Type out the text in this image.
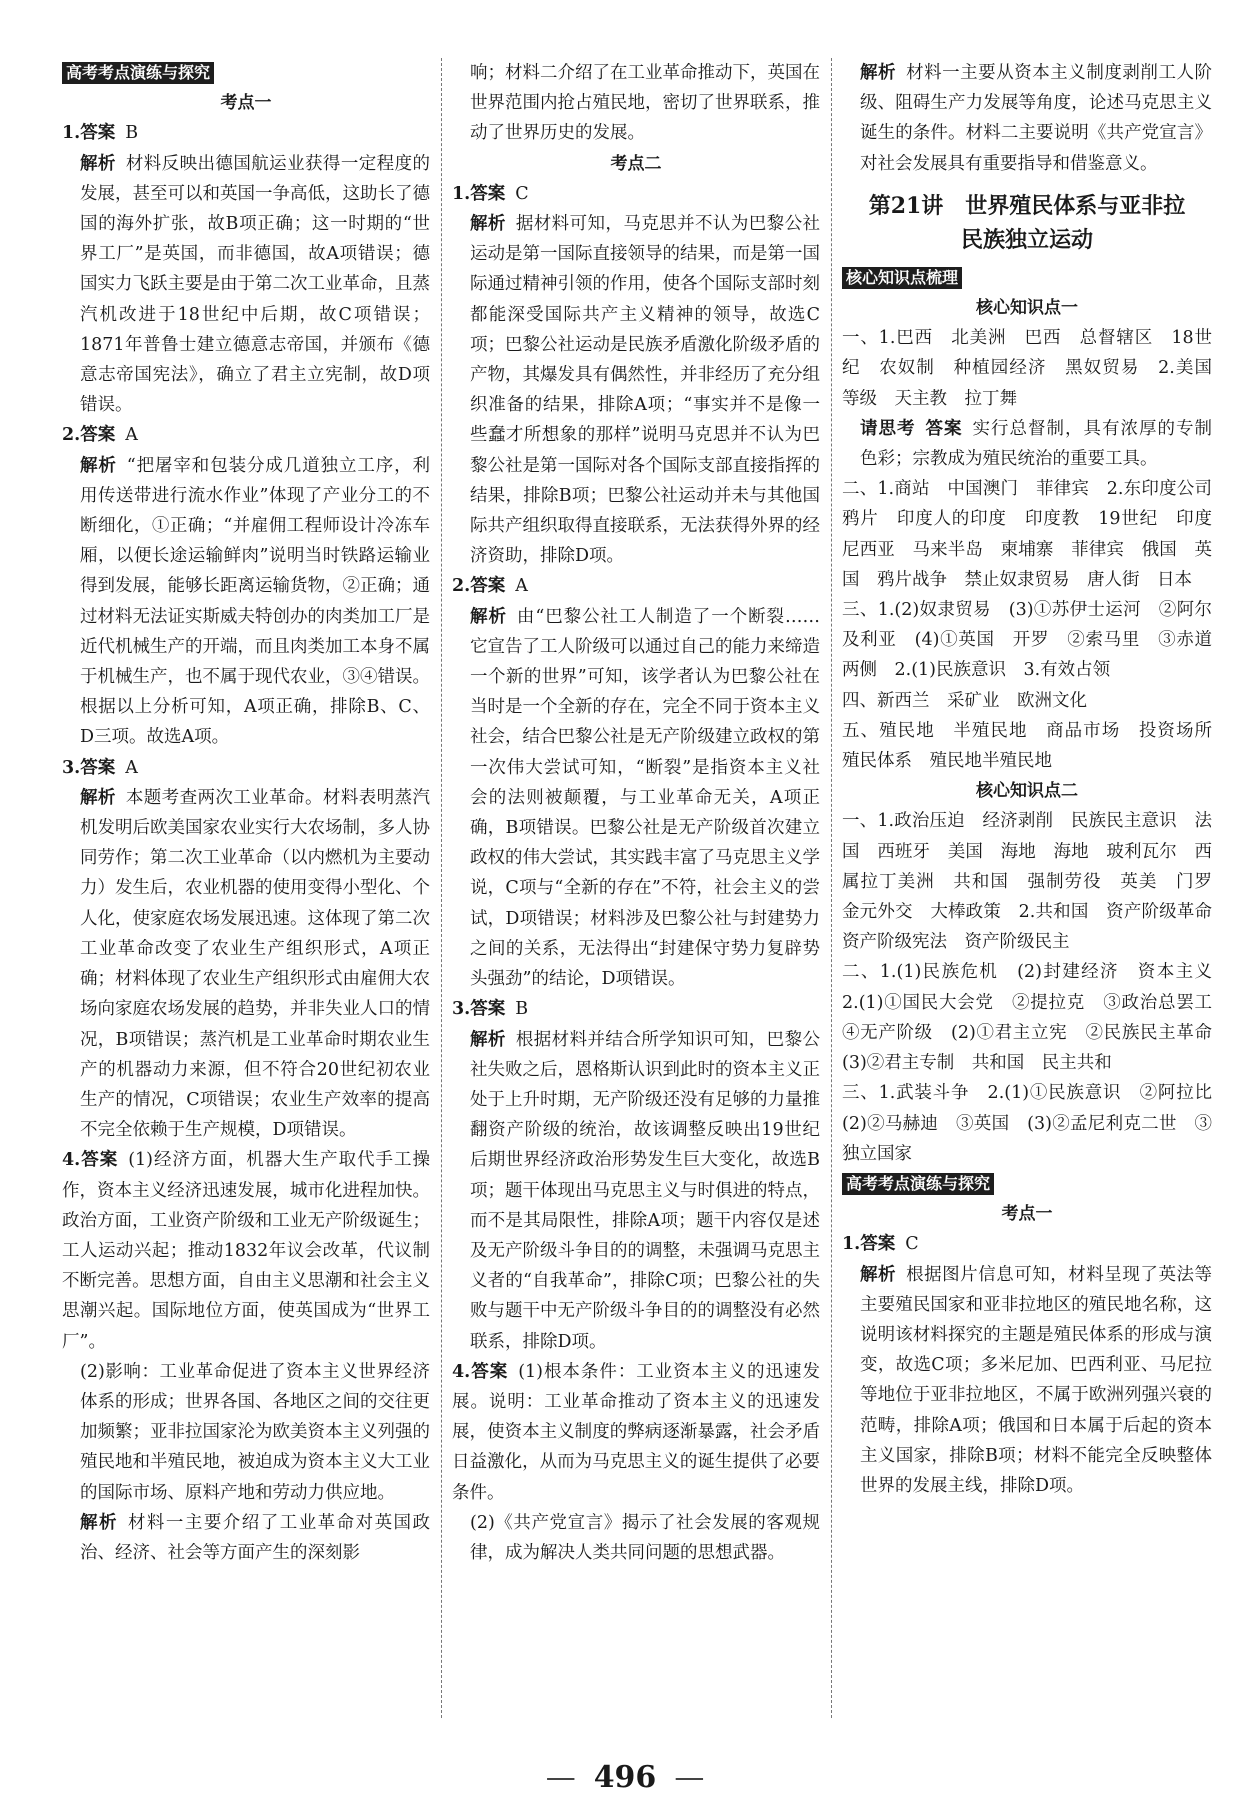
高考考点演练与探究

考点一

1.答案 B

解析 材料反映出德国航运业获得一定程度的发展，甚至可以和英国一争高低，这助长了德国的海外扩张，故B项正确；这一时期的“世界工厂”是英国，而非德国，故A项错误；德国实力飞跃主要是由于第二次工业革命，且蒸汽机改进于18世纪中后期，故C项错误；1871年普鲁士建立德意志帝国，并颁布《德意志帝国宪法》，确立了君主立宪制，故D项错误。

2.答案 A

解析 “把屠宰和包装分成几道独立工序，利用传送带进行流水作业”体现了产业分工的不断细化，①正确；“并雇佣工程师设计冷冻车厢，以便长途运输鲜肉”说明当时铁路运输业得到发展，能够长距离运输货物，②正确；通过材料无法证实斯威夫特创办的肉类加工厂是近代机械生产的开端，而且肉类加工本身不属于机械生产，也不属于现代农业，③④错误。根据以上分析可知，A项正确，排除B、C、D三项。故选A项。

3.答案 A

解析 本题考查两次工业革命。材料表明蒸汽机发明后欧美国家农业实行大农场制，多人协同劳作；第二次工业革命（以内燃机为主要动力）发生后，农业机器的使用变得小型化、个人化，使家庭农场发展迅速。这体现了第二次工业革命改变了农业生产组织形式，A项正确；材料体现了农业生产组织形式由雇佣大农场向家庭农场发展的趋势，并非失业人口的情况，B项错误；蒸汽机是工业革命时期农业生产的机器动力来源，但不符合20世纪初农业生产的情况，C项错误；农业生产效率的提高不完全依赖于生产规模，D项错误。

4.答案 (1)经济方面，机器大生产取代手工操作，资本主义经济迅速发展，城市化进程加快。政治方面，工业资产阶级和工业无产阶级诞生；工人运动兴起；推动1832年议会改革，代议制不断完善。思想方面，自由主义思潮和社会主义思潮兴起。国际地位方面，使英国成为“世界工厂”。

(2)影响：工业革命促进了资本主义世界经济体系的形成；世界各国、各地区之间的交往更加频繁；亚非拉国家沦为欧美资本主义列强的殖民地和半殖民地，被迫成为资本主义大工业的国际市场、原料产地和劳动力供应地。

解析 材料一主要介绍了工业革命对英国政治、经济、社会等方面产生的深刻影

响；材料二介绍了在工业革命推动下，英国在世界范围内抢占殖民地，密切了世界联系，推动了世界历史的发展。

考点二

1.答案 C

解析 据材料可知，马克思并不认为巴黎公社运动是第一国际直接领导的结果，而是第一国际通过精神引领的作用，使各个国际支部时刻都能深受国际共产主义精神的领导，故选C项；巴黎公社运动是民族矛盾激化阶级矛盾的产物，其爆发具有偶然性，并非经历了充分组织准备的结果，排除A项；“事实并不是像一些蠢才所想象的那样”说明马克思并不认为巴黎公社是第一国际对各个国际支部直接指挥的结果，排除B项；巴黎公社运动并未与其他国际共产组织取得直接联系，无法获得外界的经济资助，排除D项。

2.答案 A

解析 由“巴黎公社工人制造了一个断裂……它宣告了工人阶级可以通过自己的能力来缔造一个新的世界”可知，该学者认为巴黎公社在当时是一个全新的存在，完全不同于资本主义社会，结合巴黎公社是无产阶级建立政权的第一次伟大尝试可知，“断裂”是指资本主义社会的法则被颠覆，与工业革命无关，A项正确，B项错误。巴黎公社是无产阶级首次建立政权的伟大尝试，其实践丰富了马克思主义学说，C项与“全新的存在”不符，社会主义的尝试，D项错误；材料涉及巴黎公社与封建势力之间的关系，无法得出“封建保守势力复辟势头强劲”的结论，D项错误。

3.答案 B

解析 根据材料并结合所学知识可知，巴黎公社失败之后，恩格斯认识到此时的资本主义正处于上升时期，无产阶级还没有足够的力量推翻资产阶级的统治，故该调整反映出19世纪后期世界经济政治形势发生巨大变化，故选B项；题干体现出马克思主义与时俱进的特点，而不是其局限性，排除A项；题干内容仅是述及无产阶级斗争目的的调整，未强调马克思主义者的“自我革命”，排除C项；巴黎公社的失败与题干中无产阶级斗争目的的调整没有必然联系，排除D项。

4.答案 (1)根本条件：工业资本主义的迅速发展。说明：工业革命推动了资本主义的迅速发展，使资本主义制度的弊病逐渐暴露，社会矛盾日益激化，从而为马克思主义的诞生提供了必要条件。

(2)《共产党宣言》揭示了社会发展的客观规律，成为解决人类共同问题的思想武器。

解析 材料一主要从资本主义制度剥削工人阶级、阻碍生产力发展等角度，论述马克思主义诞生的条件。材料二主要说明《共产党宣言》对社会发展具有重要指导和借鉴意义。

第21讲　世界殖民体系与亚非拉
民族独立运动
核心知识点梳理

核心知识点一

一、1.巴西　北美洲　巴西　总督辖区　18世纪　农奴制　种植园经济　黑奴贸易　2.美国　等级　天主教　拉丁舞

请思考 答案 实行总督制，具有浓厚的专制色彩；宗教成为殖民统治的重要工具。

二、1.商站　中国澳门　菲律宾　2.东印度公司　鸦片　印度人的印度　印度教　19世纪　印度尼西亚　马来半岛　柬埔寨　菲律宾　俄国　英国　鸦片战争　禁止奴隶贸易　唐人街　日本

三、1.(2)奴隶贸易　(3)①苏伊士运河　②阿尔及利亚　(4)①英国　开罗　②索马里　③赤道两侧　2.(1)民族意识　3.有效占领

四、新西兰　采矿业　欧洲文化

五、殖民地　半殖民地　商品市场　投资场所　殖民体系　殖民地半殖民地

核心知识点二

一、1.政治压迫　经济剥削　民族民主意识　法国　西班牙　美国　海地　海地　玻利瓦尔　西属拉丁美洲　共和国　强制劳役　英美　门罗　金元外交　大棒政策　2.共和国　资产阶级革命　资产阶级宪法　资产阶级民主

二、1.(1)民族危机　(2)封建经济　资本主义　2.(1)①国民大会党　②提拉克　③政治总罢工　④无产阶级　(2)①君主立宪　②民族民主革命　(3)②君主专制　共和国　民主共和

三、1.武装斗争　2.(1)①民族意识　②阿拉比　(2)②马赫迪　③英国　(3)②孟尼利克二世　③独立国家

高考考点演练与探究

考点一

1.答案 C

解析 根据图片信息可知，材料呈现了英法等主要殖民国家和亚非拉地区的殖民地名称，这说明该材料探究的主题是殖民体系的形成与演变，故选C项；多米尼加、巴西利亚、马尼拉等地位于亚非拉地区，不属于欧洲列强兴衰的范畴，排除A项；俄国和日本属于后起的资本主义国家，排除B项；材料不能完全反映整体世界的发展主线，排除D项。

— 496 —
